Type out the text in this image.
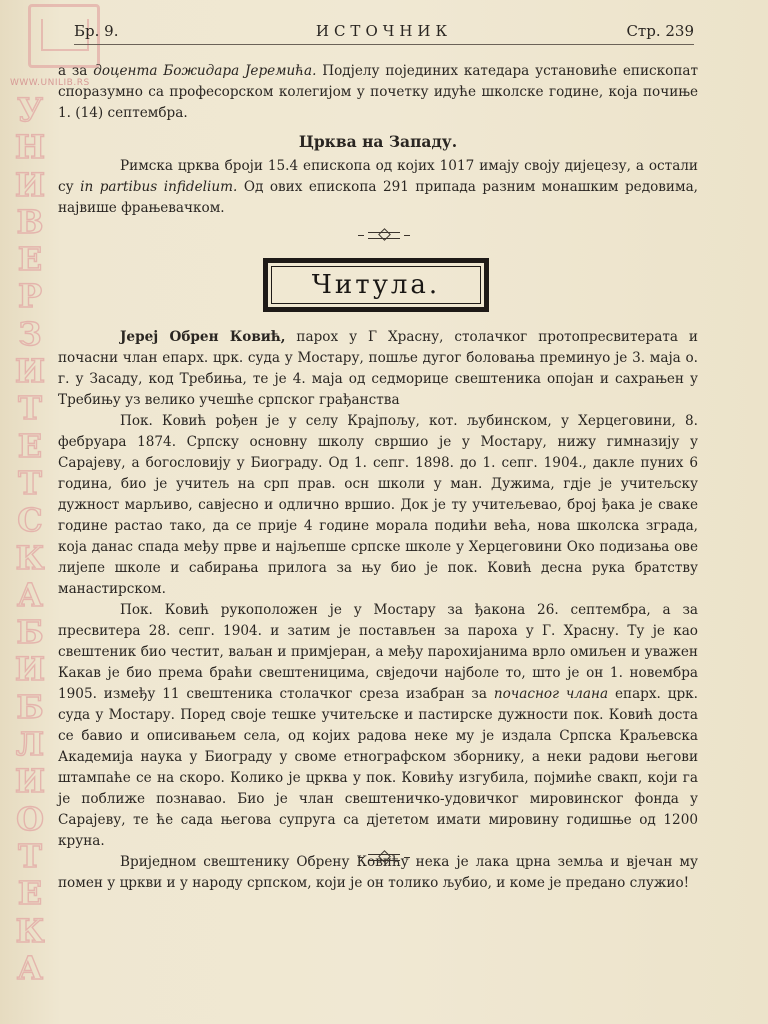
WWW.UNILIB.RS
У
Н
И
В
Е
Р
З
И
Т
Е
Т
С
К
А
Б
И
Б
Л
И
О
Т
Е
К
А
Бр. 9.	ИСТОЧНИК	Стр. 239

а за доцента Божидара Јеремића. Подјелу појединих катедара установиће епископат споразумно са професорском колегијом у почетку идуће школске године, која почиње 1. (14) септембра.

Црква на Западу.

Римска црква броји 15.4 епископа од којих 1017 имају своју дијецезу, а остали су in partibus infidelium. Од ових епископа 291 припада разним монашким редовима, највише фрањевачком.

Читула.

Јереј Обрен Ковић, парох у Г Храсну, столачког протопресвитерата и почасни члан епарх. црк. суда у Мостару, пошље дугог боловања преминуо је 3. маја о. г. у Засаду, код Требиња, те је 4. маја од седморице свештеника опојан и сахрањен у Требињу уз велико учешће српског грађанства

Пок. Ковић рођен је у селу Крајпољу, кот. љубинском, у Херцеговини, 8. фебруара 1874. Српску основну школу свршио је у Мостару, нижу гимназију у Сарајеву, а богословију у Биограду. Од 1. сепг. 1898. до 1. сепг. 1904., дакле пуних 6 година, био је учитељ на срп прав. осн школи у ман. Дужима, гдје је учитељску дужност марљиво, савјесно и одлично вршио. Док је ту учитељевао, број ђака је сваке године растао тако, да се прије 4 године морала подићи већа, нова школска зграда, која данас спада међу прве и најљепше српске школе у Херцеговини Око подизања ове лијепе школе и сабирања прилога за њу био је пок. Ковић десна рука братству манастирском.

Пок. Ковић рукоположен је у Мостару за ђакона 26. септембра, а за пресвитера 28. сепг. 1904. и затим је постављен за пароха у Г. Храсну. Ту је као свештеник био честит, ваљан и примјеран, а међу парохијанима врло омиљен и уважен Какав је био према браћи свештеницима, свједочи најболе то, што је он 1. новембра 1905. између 11 свештеника столачког среза изабран за почасног члана епарх. црк. суда у Мостару. Поред своје тешке учитељске и пастирске дужности пок. Ковић доста се бавио и описивањем села, од којих радова неке му је издала Српска Краљевска Академија наука у Биограду у своме етнографском зборнику, а неки радови његови штампаће се на скоро. Колико је црква у пок. Ковићу изгубила, појмиће свакп, који га је поближе познавао. Био је члан свештеничко-удовичког мировинског фонда у Сарајеву, те ће сада његова супруга са дјететом имати мировину годишње од 1200 круна.

Вриједном свештенику Обрену Ковићу нека је лака црна земља и вјечан му помен у цркви и у народу српском, који је он толико љубио, и коме је предано служио!
